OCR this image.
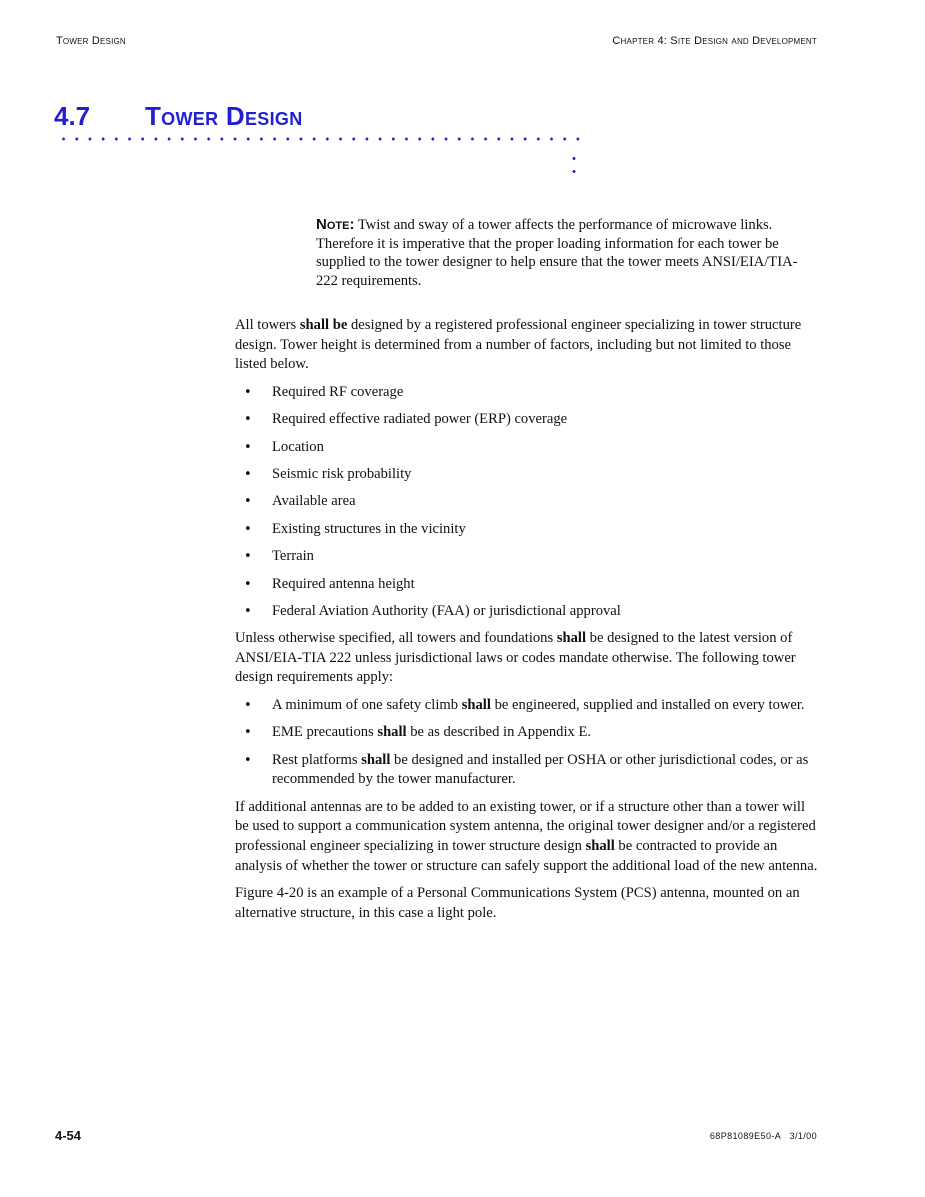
Tower Design	Chapter 4: Site Design and Development
4.7 Tower Design
Note: Twist and sway of a tower affects the performance of microwave links. Therefore it is imperative that the proper loading information for each tower be supplied to the tower designer to help ensure that the tower meets ANSI/EIA/TIA-222 requirements.

All towers shall be designed by a registered professional engineer specializing in tower structure design. Tower height is determined from a number of factors, including but not limited to those listed below.

• Required RF coverage
• Required effective radiated power (ERP) coverage
• Location
• Seismic risk probability
• Available area
• Existing structures in the vicinity
• Terrain
• Required antenna height
• Federal Aviation Authority (FAA) or jurisdictional approval

Unless otherwise specified, all towers and foundations shall be designed to the latest version of ANSI/EIA-TIA 222 unless jurisdictional laws or codes mandate otherwise. The following tower design requirements apply:

• A minimum of one safety climb shall be engineered, supplied and installed on every tower.
• EME precautions shall be as described in Appendix E.
• Rest platforms shall be designed and installed per OSHA or other jurisdictional codes, or as recommended by the tower manufacturer.

If additional antennas are to be added to an existing tower, or if a structure other than a tower will be used to support a communication system antenna, the original tower designer and/or a registered professional engineer specializing in tower structure design shall be contracted to provide an analysis of whether the tower or structure can safely support the additional load of the new antenna.

Figure 4-20 is an example of a Personal Communications System (PCS) antenna, mounted on an alternative structure, in this case a light pole.

4-54	68P81089E50-A 3/1/00
